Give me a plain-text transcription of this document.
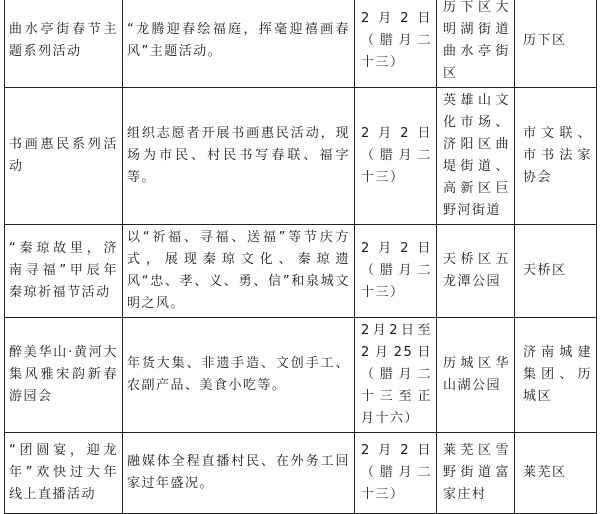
曲水亭街春节主题系列活动	“龙腾迎春绘福庭，挥毫迎禧画春风”主题活动。	2月2日（腊月二十三）	历下区大明湖街道曲水亭街区	历下区
书画惠民系列活动	组织志愿者开展书画惠民活动，现场为市民、村民书写春联、福字等。	2月2日（腊月二十三）	英雄山文化市场、济阳区曲堤街道、高新区巨野河街道	市文联、市书法家协会
“秦琼故里，济南寻福”甲辰年秦琼祈福节活动	以“祈福、寻福、送福”等节庆方式，展现秦琼文化、秦琼遗风“忠、孝、义、勇、信”和泉城文明之风。	2月2日（腊月二十三）	天桥区五龙潭公园	天桥区
醉美华山·黄河大集风雅宋韵新春游园会	年货大集、非遗手造、文创手工、农副产品、美食小吃等。	2月2日至2月25日（腊月二十三至正月十六）	历城区华山湖公园	济南城建集团、历城区
“团圆宴，迎龙年”欢快过大年线上直播活动	融媒体全程直播村民、在外务工回家过年盛况。	2月2日（腊月二十三）	莱芜区雪野街道富家庄村	莱芜区
